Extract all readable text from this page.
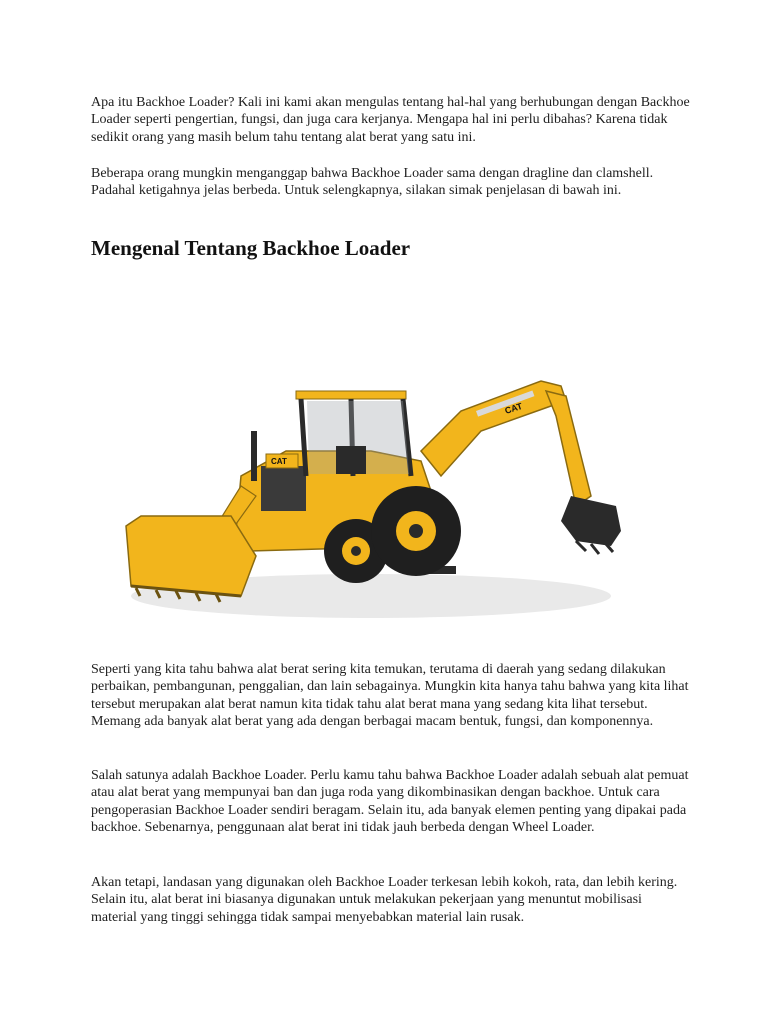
Apa itu Backhoe Loader? Kali ini kami akan mengulas tentang hal-hal yang berhubungan dengan Backhoe Loader seperti pengertian, fungsi, dan juga cara kerjanya. Mengapa hal ini perlu dibahas? Karena tidak sedikit orang yang masih belum tahu tentang alat berat yang satu ini.

Beberapa orang mungkin menganggap bahwa Backhoe Loader sama dengan dragline dan clamshell. Padahal ketigahnya jelas berbeda. Untuk selengkapnya, silakan simak penjelasan di bawah ini.

Mengenal Tentang Backhoe Loader
CAT
CAT

Seperti yang kita tahu bahwa alat berat sering kita temukan, terutama di daerah yang sedang dilakukan perbaikan, pembangunan, penggalian, dan lain sebagainya. Mungkin kita hanya tahu bahwa yang kita lihat tersebut merupakan alat berat namun kita tidak tahu alat berat mana yang sedang kita lihat tersebut. Memang ada banyak alat berat yang ada dengan berbagai macam bentuk, fungsi, dan komponennya.

Salah satunya adalah Backhoe Loader. Perlu kamu tahu bahwa Backhoe Loader adalah sebuah alat pemuat atau alat berat yang mempunyai ban dan juga roda yang dikombinasikan dengan backhoe. Untuk cara pengoperasian Backhoe Loader sendiri beragam. Selain itu, ada banyak elemen penting yang dipakai pada backhoe. Sebenarnya, penggunaan alat berat ini tidak jauh berbeda dengan Wheel Loader.

Akan tetapi, landasan yang digunakan oleh Backhoe Loader terkesan lebih kokoh, rata, dan lebih kering. Selain itu, alat berat ini biasanya digunakan untuk melakukan pekerjaan yang menuntut mobilisasi material yang tinggi sehingga tidak sampai menyebabkan material lain rusak.
